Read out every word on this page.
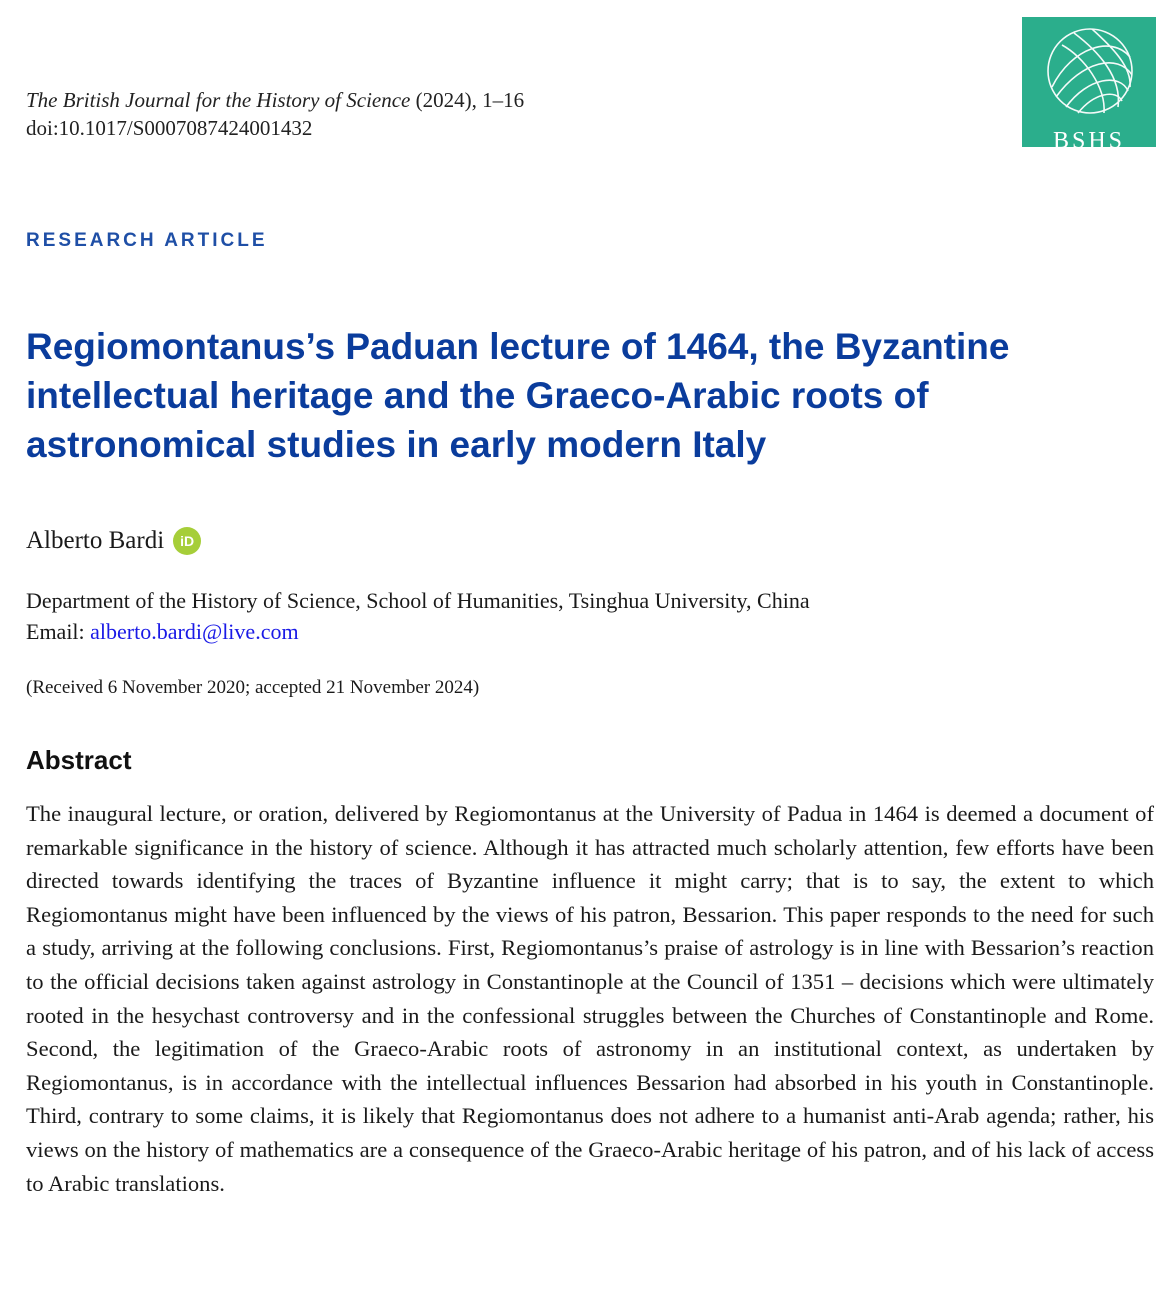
The British Journal for the History of Science (2024), 1–16
doi:10.1017/S0007087424001432	BSHS
RESEARCH ARTICLE
Regiomontanus’s Paduan lecture of 1464, the Byzantine intellectual heritage and the Graeco-Arabic roots of astronomical studies in early modern Italy
Alberto Bardi	iD
Department of the History of Science, School of Humanities, Tsinghua University, China
Email: alberto.bardi@live.com
(Received 6 November 2020; accepted 21 November 2024)
Abstract

The inaugural lecture, or oration, delivered by Regiomontanus at the University of Padua in 1464 is deemed a document of remarkable significance in the history of science. Although it has attracted much scholarly attention, few efforts have been directed towards identifying the traces of Byzantine influence it might carry; that is to say, the extent to which Regiomontanus might have been influenced by the views of his patron, Bessarion. This paper responds to the need for such a study, arriving at the following conclusions. First, Regiomontanus’s praise of astrology is in line with Bessarion’s reaction to the official decisions taken against astrology in Constantinople at the Council of 1351 – decisions which were ultimately rooted in the hesychast controversy and in the confessional struggles between the Churches of Constantinople and Rome. Second, the legitimation of the Graeco-Arabic roots of astronomy in an institutional context, as undertaken by Regiomontanus, is in accordance with the intellectual influences Bessarion had absorbed in his youth in Constantinople. Third, contrary to some claims, it is likely that Regiomontanus does not adhere to a humanist anti-Arab agenda; rather, his views on the history of mathematics are a consequence of the Graeco-Arabic heritage of his patron, and of his lack of access to Arabic translations.
